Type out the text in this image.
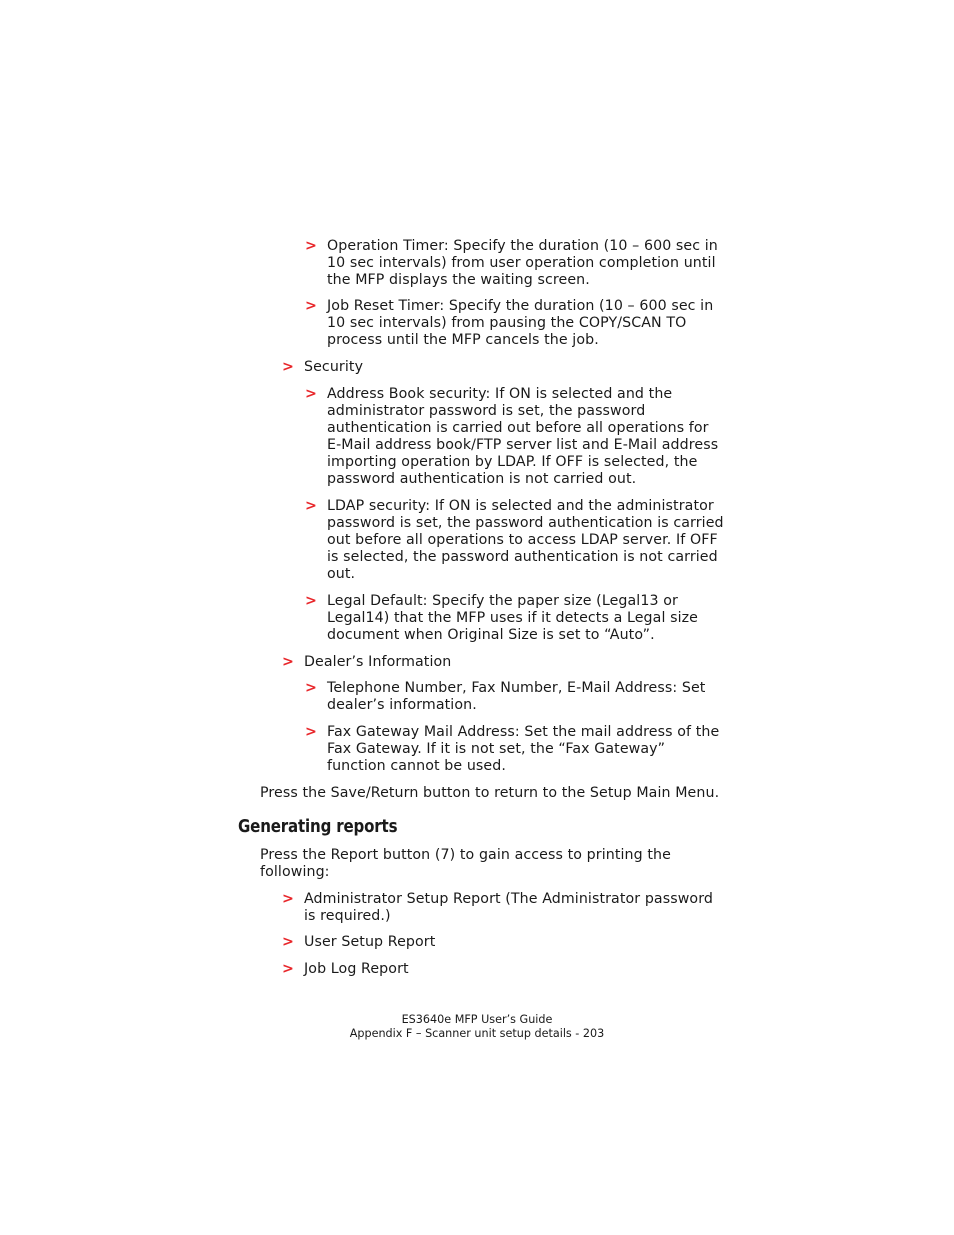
> Operation Timer: Specify the duration (10 – 600 sec in 10 sec intervals) from user operation completion until the MFP displays the waiting screen.
> Job Reset Timer: Specify the duration (10 – 600 sec in 10 sec intervals) from pausing the COPY/SCAN TO process until the MFP cancels the job.
> Security
> Address Book security: If ON is selected and the administrator password is set, the password authentication is carried out before all operations for E-Mail address book/FTP server list and E-Mail address importing operation by LDAP. If OFF is selected, the password authentication is not carried out.
> LDAP security: If ON is selected and the administrator password is set, the password authentication is carried out before all operations to access LDAP server. If OFF is selected, the password authentication is not carried out.
> Legal Default: Specify the paper size (Legal13 or Legal14) that the MFP uses if it detects a Legal size document when Original Size is set to “Auto”.
> Dealer’s Information
> Telephone Number, Fax Number, E-Mail Address: Set dealer’s information.
> Fax Gateway Mail Address: Set the mail address of the Fax Gateway. If it is not set, the “Fax Gateway” function cannot be used.

Press the Save/Return button to return to the Setup Main Menu.

Generating reports

Press the Report button (7) to gain access to printing the following:

> Administrator Setup Report (The Administrator password is required.)
> User Setup Report
> Job Log Report
ES3640e MFP User’s Guide
Appendix F – Scanner unit setup details - 203
